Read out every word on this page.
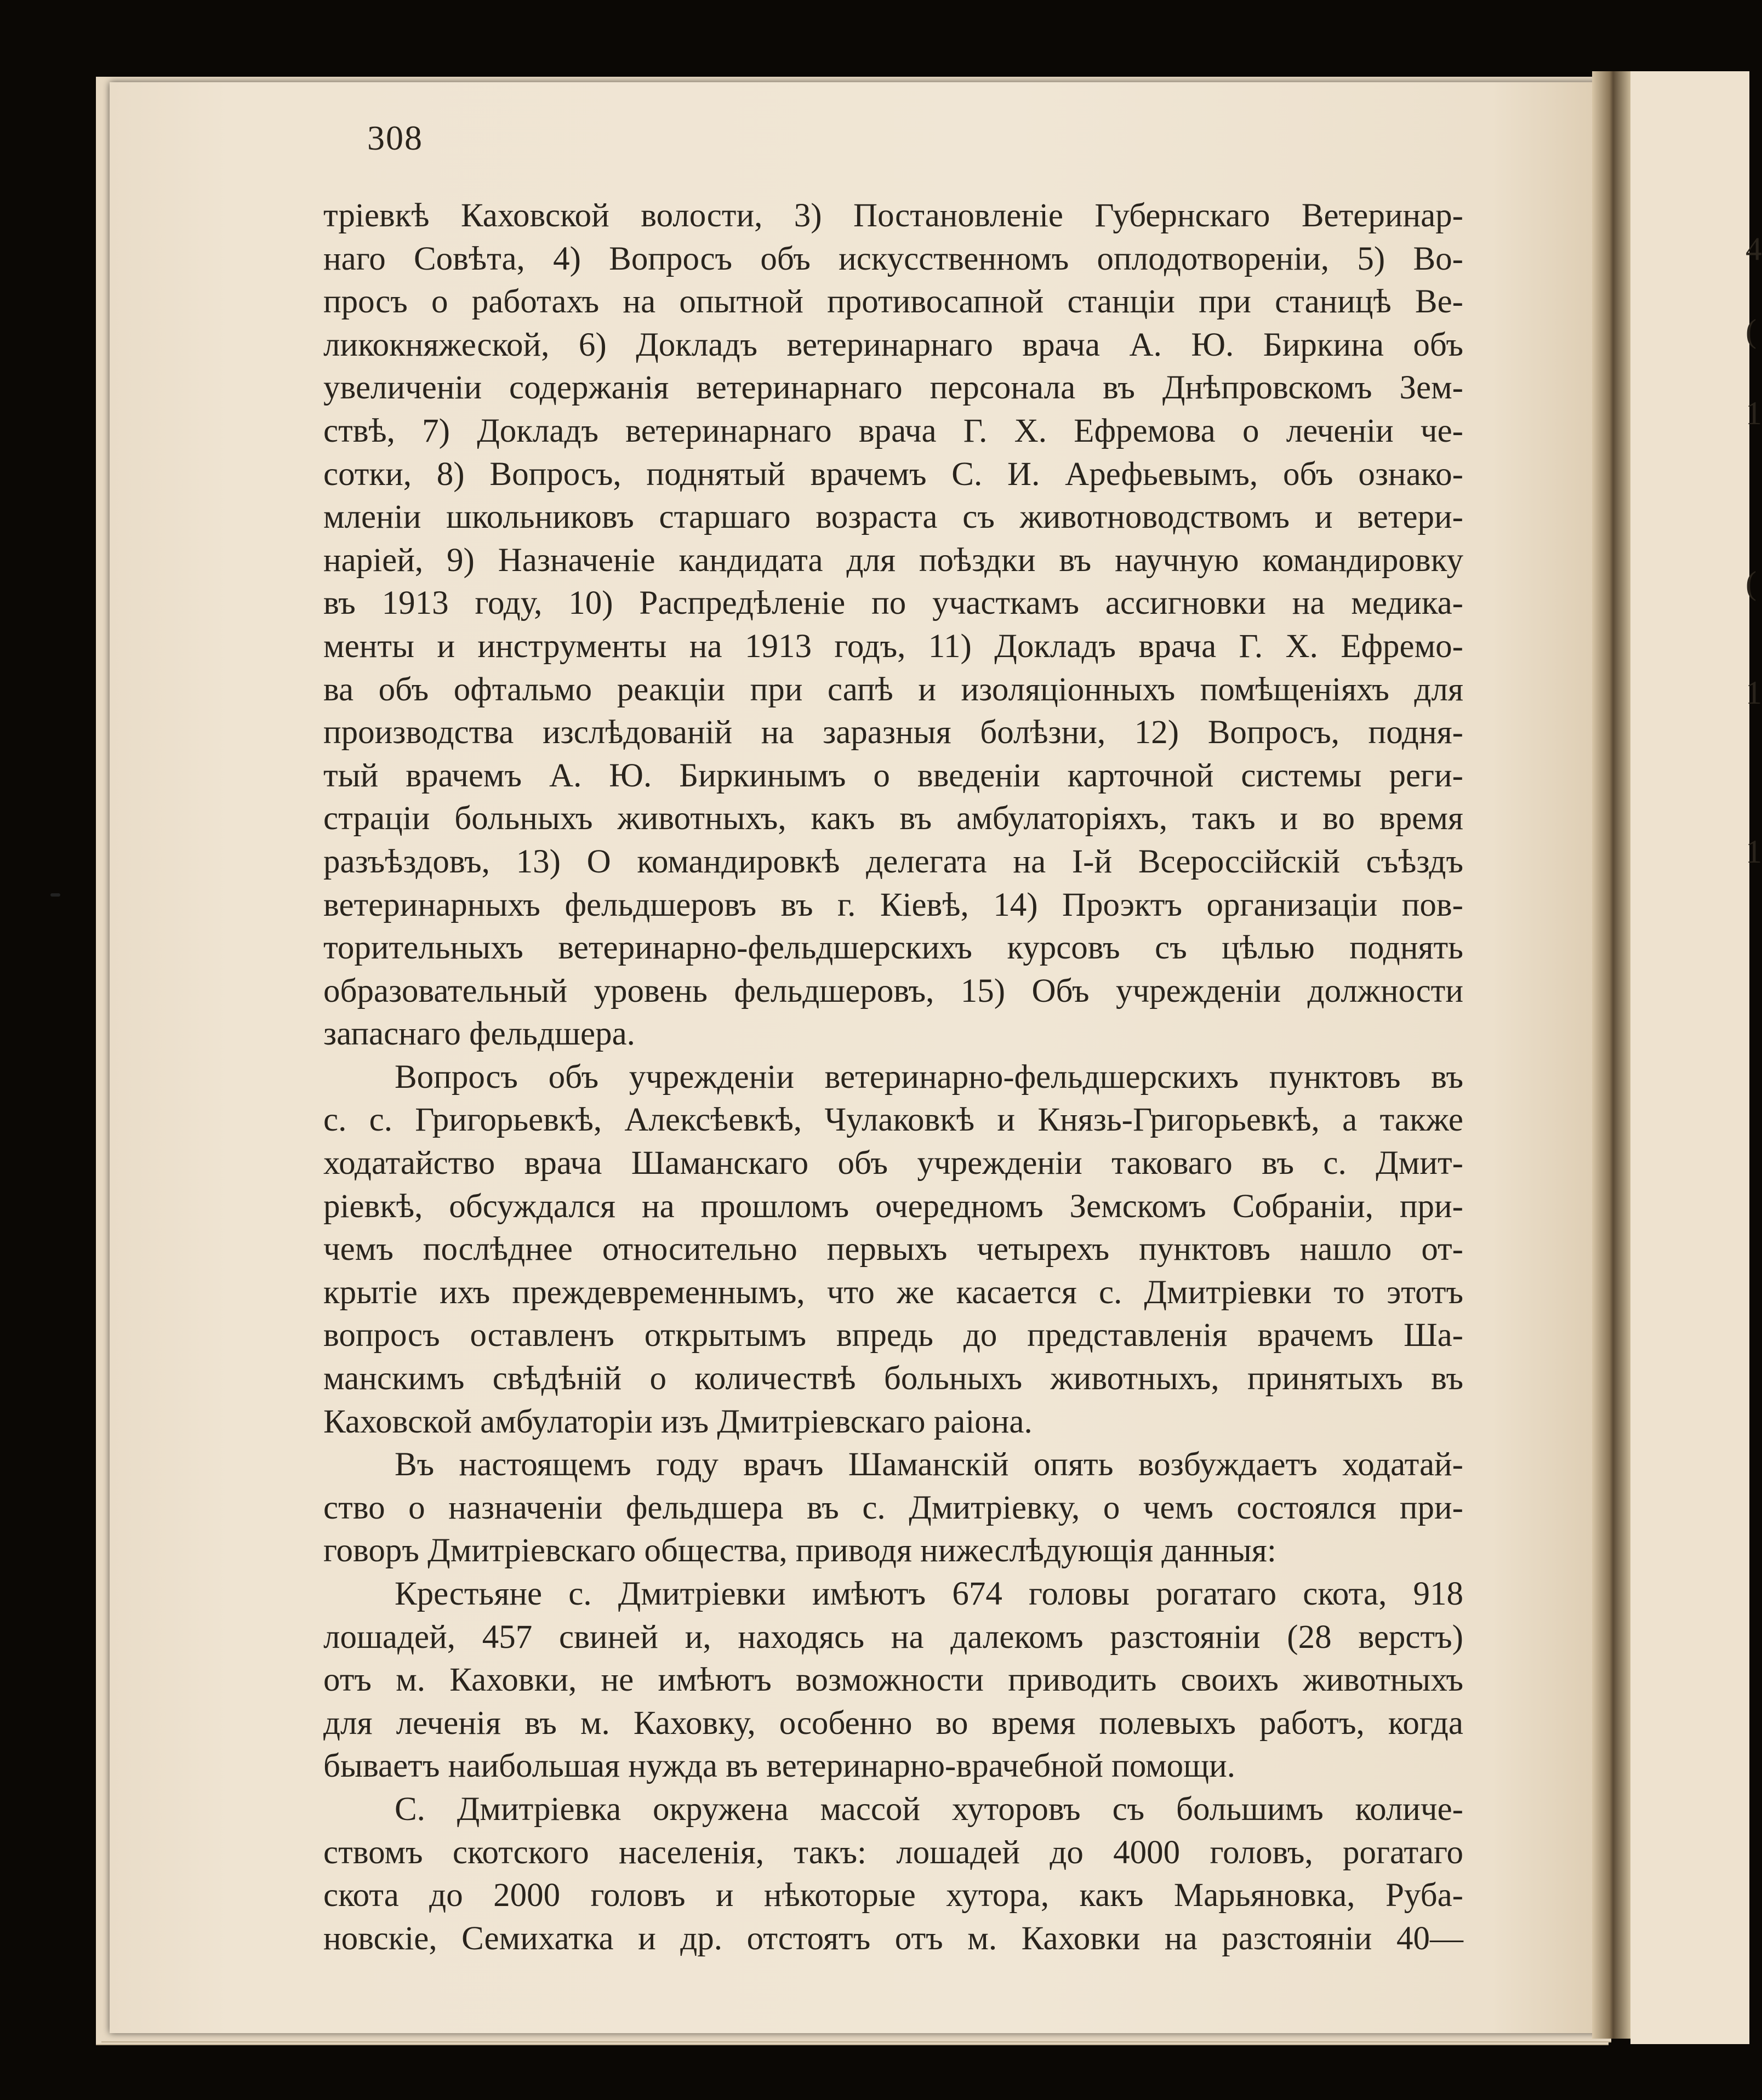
4
(
1
(
1
1
308
тріевкѣ Каховской волости, 3) Постановленіе Губернскаго Ветеринар-
наго Совѣта, 4) Вопросъ объ искусственномъ оплодотвореніи, 5) Во-
просъ о работахъ на опытной противосапной станціи при станицѣ Ве-
ликокняжеской, 6) Докладъ ветеринарнаго врача А. Ю. Биркина объ
увеличеніи содержанія ветеринарнаго персонала въ Днѣпровскомъ Зем-
ствѣ, 7) Докладъ ветеринарнаго врача Г. Х. Ефремова о леченіи че-
сотки, 8) Вопросъ, поднятый врачемъ С. И. Арефьевымъ, объ ознако-
мленіи школьниковъ старшаго возраста съ животноводствомъ и ветери-
наріей, 9) Назначеніе кандидата для поѣздки въ научную командировку
въ 1913 году, 10) Распредѣленіе по участкамъ ассигновки на медика-
менты и инструменты на 1913 годъ, 11) Докладъ врача Г. Х. Ефремо-
ва объ офтальмо реакціи при сапѣ и изоляціонныхъ помѣщеніяхъ для
производства изслѣдованій на заразныя болѣзни, 12) Вопросъ, подня-
тый врачемъ А. Ю. Биркинымъ о введеніи карточной системы реги-
страціи больныхъ животныхъ, какъ въ амбулаторіяхъ, такъ и во время
разъѣздовъ, 13) О командировкѣ делегата на I-й Всероссійскій съѣздъ
ветеринарныхъ фельдшеровъ въ г. Кіевѣ, 14) Проэктъ организаціи пов-
торительныхъ ветеринарно-фельдшерскихъ курсовъ съ цѣлью поднять
образовательный уровень фельдшеровъ, 15) Объ учрежденіи должности
запаснаго фельдшера.
Вопросъ объ учрежденіи ветеринарно-фельдшерскихъ пунктовъ въ
с. с. Григорьевкѣ, Алексѣевкѣ, Чулаковкѣ и Князь-Григорьевкѣ, а также
ходатайство врача Шаманскаго объ учрежденіи таковаго въ с. Дмит-
ріевкѣ, обсуждался на прошломъ очередномъ Земскомъ Собраніи, при-
чемъ послѣднее относительно первыхъ четырехъ пунктовъ нашло от-
крытіе ихъ преждевременнымъ, что же касается с. Дмитріевки то этотъ
вопросъ оставленъ открытымъ впредь до представленія врачемъ Ша-
манскимъ свѣдѣній о количествѣ больныхъ животныхъ, принятыхъ въ
Каховской амбулаторіи изъ Дмитріевскаго раіона.
Въ настоящемъ году врачъ Шаманскій опять возбуждаетъ ходатай-
ство о назначеніи фельдшера въ с. Дмитріевку, о чемъ состоялся при-
говоръ Дмитріевскаго общества, приводя нижеслѣдующія данныя:
Крестьяне с. Дмитріевки имѣютъ 674 головы рогатаго скота, 918
лошадей, 457 свиней и, находясь на далекомъ разстояніи (28 верстъ)
отъ м. Каховки, не имѣютъ возможности приводить своихъ животныхъ
для леченія въ м. Каховку, особенно во время полевыхъ работъ, когда
бываетъ наибольшая нужда въ ветеринарно-врачебной помощи.
С. Дмитріевка окружена массой хуторовъ съ большимъ количе-
ствомъ скотского населенія, такъ: лошадей до 4000 головъ, рогатаго
скота до 2000 головъ и нѣкоторые хутора, какъ Марьяновка, Руба-
новскіе, Семихатка и др. отстоятъ отъ м. Каховки на разстояніи 40—
